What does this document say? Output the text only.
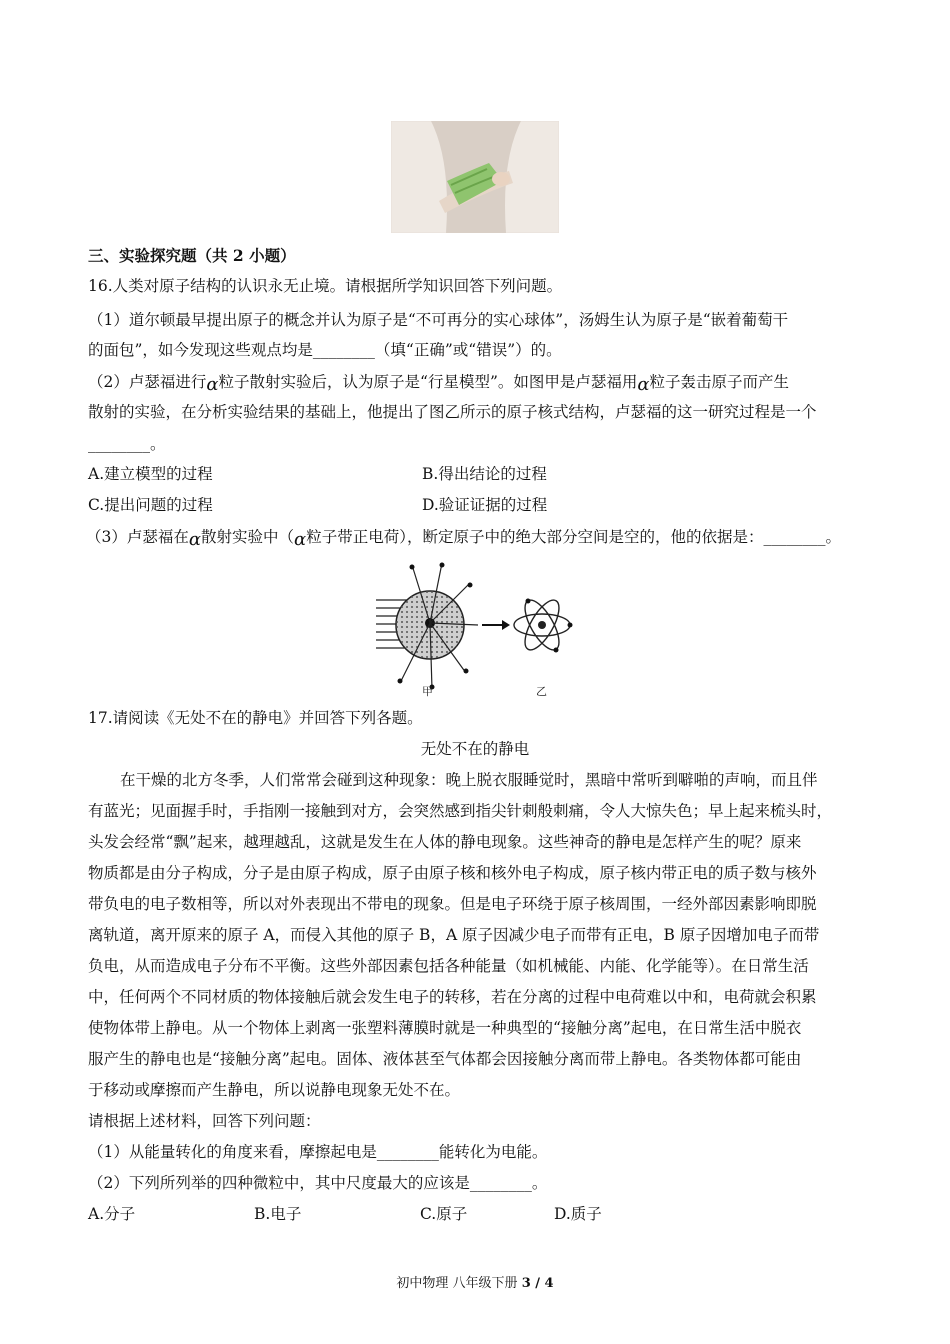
三、实验探究题（共 2 小题）
16.人类对原子结构的认识永无止境。请根据所学知识回答下列问题。
（1）道尔顿最早提出原子的概念并认为原子是“不可再分的实心球体”，汤姆生认为原子是“嵌着葡萄干
的面包”，如今发现这些观点均是________（填“正确”或“错误”）的。
（2）卢瑟福进行α粒子散射实验后，认为原子是“行星模型”。如图甲是卢瑟福用α粒子轰击原子而产生
散射的实验，在分析实验结果的基础上，他提出了图乙所示的原子核式结构，卢瑟福的这一研究过程是一个
________。
A.建立模型的过程	B.得出结论的过程
C.提出问题的过程	D.验证证据的过程
（3）卢瑟福在α散射实验中（α粒子带正电荷），断定原子中的绝大部分空间是空的，他的依据是：________。
甲	乙
17.请阅读《无处不在的静电》并回答下列各题。
无处不在的静电
在干燥的北方冬季，人们常常会碰到这种现象：晚上脱衣服睡觉时，黑暗中常听到噼啪的声响，而且伴
有蓝光；见面握手时，手指刚一接触到对方，会突然感到指尖针刺般刺痛，令人大惊失色；早上起来梳头时，
头发会经常“飘”起来，越理越乱，这就是发生在人体的静电现象。这些神奇的静电是怎样产生的呢？原来
物质都是由分子构成，分子是由原子构成，原子由原子核和核外电子构成，原子核内带正电的质子数与核外
带负电的电子数相等，所以对外表现出不带电的现象。但是电子环绕于原子核周围，一经外部因素影响即脱
离轨道，离开原来的原子 A，而侵入其他的原子 B，A 原子因减少电子而带有正电，B 原子因增加电子而带
负电，从而造成电子分布不平衡。这些外部因素包括各种能量（如机械能、内能、化学能等）。在日常生活
中，任何两个不同材质的物体接触后就会发生电子的转移，若在分离的过程中电荷难以中和，电荷就会积累
使物体带上静电。从一个物体上剥离一张塑料薄膜时就是一种典型的“接触分离”起电，在日常生活中脱衣
服产生的静电也是“接触分离”起电。固体、液体甚至气体都会因接触分离而带上静电。各类物体都可能由
于移动或摩擦而产生静电，所以说静电现象无处不在。
请根据上述材料，回答下列问题：
（1）从能量转化的角度来看，摩擦起电是________能转化为电能。
（2）下列所列举的四种微粒中，其中尺度最大的应该是________。
A.分子	B.电子	C.原子	D.质子
初中物理 八年级下册 3 / 4
